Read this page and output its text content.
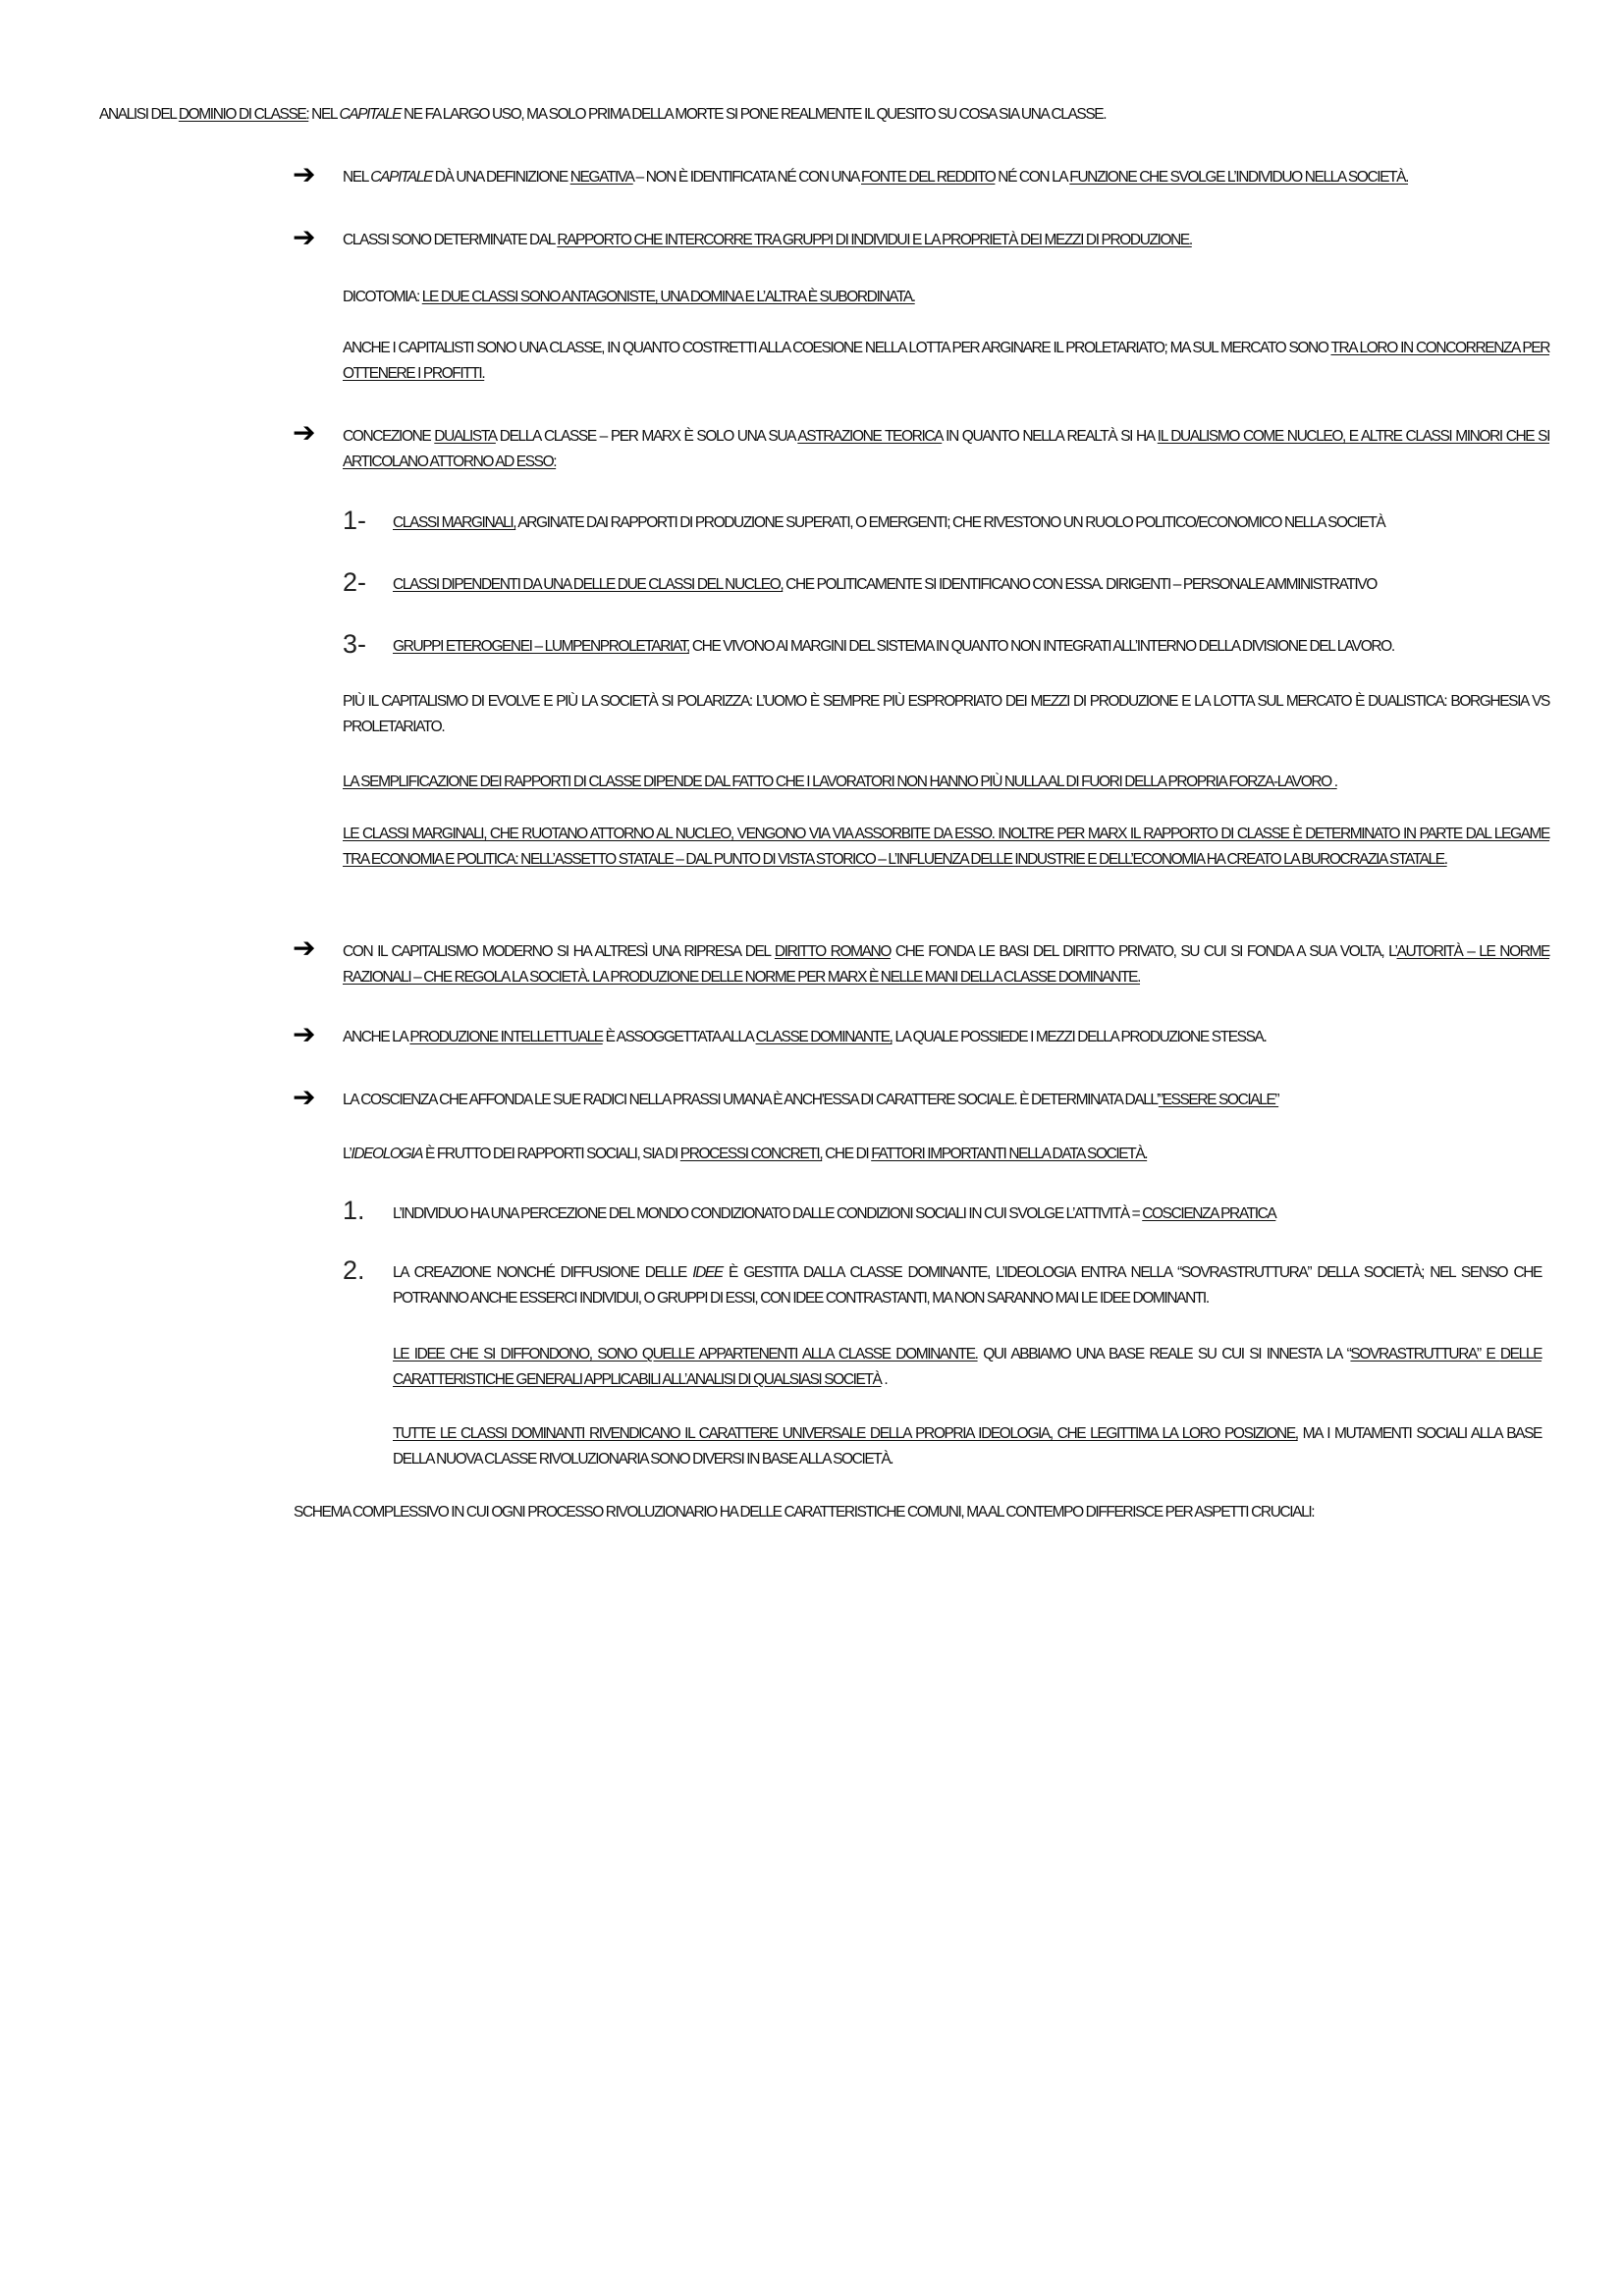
ANALISI DEL DOMINIO DI CLASSE: NEL CAPITALE NE FA LARGO USO, MA SOLO PRIMA DELLA MORTE SI PONE REALMENTE IL QUESITO SU COSA SIA UNA CLASSE.
➔ NEL CAPITALE DÀ UNA DEFINIZIONE NEGATIVA – NON È IDENTIFICATA NÉ CON UNA FONTE DEL REDDITO NÉ CON LA FUNZIONE CHE SVOLGE L’INDIVIDUO NELLA SOCIETÀ.
➔ CLASSI SONO DETERMINATE DAL RAPPORTO CHE INTERCORRE TRA GRUPPI DI INDIVIDUI E LA PROPRIETÀ DEI MEZZI DI PRODUZIONE.
DICOTOMIA: LE DUE CLASSI SONO ANTAGONISTE, UNA DOMINA E L’ALTRA È SUBORDINATA.
ANCHE I CAPITALISTI SONO UNA CLASSE, IN QUANTO COSTRETTI ALLA COESIONE NELLA LOTTA PER ARGINARE IL PROLETARIATO; MA SUL MERCATO SONO TRA LORO IN CONCORRENZA PER OTTENERE I PROFITTI.
➔ CONCEZIONE DUALISTA DELLA CLASSE – PER MARX È SOLO UNA SUA ASTRAZIONE TEORICA IN QUANTO NELLA REALTÀ SI HA IL DUALISMO COME NUCLEO, E ALTRE CLASSI MINORI CHE SI ARTICOLANO ATTORNO AD ESSO:
1- CLASSI MARGINALI, ARGINATE DAI RAPPORTI DI PRODUZIONE SUPERATI, O EMERGENTI; CHE RIVESTONO UN RUOLO POLITICO/ECONOMICO NELLA SOCIETÀ
2- CLASSI DIPENDENTI DA UNA DELLE DUE CLASSI DEL NUCLEO, CHE POLITICAMENTE SI IDENTIFICANO CON ESSA. DIRIGENTI – PERSONALE AMMINISTRATIVO
3- GRUPPI ETEROGENEI – LUMPENPROLETARIAT, CHE VIVONO AI MARGINI DEL SISTEMA IN QUANTO NON INTEGRATI ALL’INTERNO DELLA DIVISIONE DEL LAVORO.
PIÙ IL CAPITALISMO DI EVOLVE E PIÙ LA SOCIETÀ SI POLARIZZA: L’UOMO È SEMPRE PIÙ ESPROPRIATO DEI MEZZI DI PRODUZIONE E LA LOTTA SUL MERCATO È DUALISTICA: BORGHESIA VS PROLETARIATO.
LA SEMPLIFICAZIONE DEI RAPPORTI DI CLASSE DIPENDE DAL FATTO CHE I LAVORATORI NON HANNO PIÙ NULLA AL DI FUORI DELLA PROPRIA FORZA-LAVORO .
LE CLASSI MARGINALI, CHE RUOTANO ATTORNO AL NUCLEO, VENGONO VIA VIA ASSORBITE DA ESSO. INOLTRE PER MARX IL RAPPORTO DI CLASSE È DETERMINATO IN PARTE DAL LEGAME TRA ECONOMIA E POLITICA: NELL’ASSETTO STATALE – DAL PUNTO DI VISTA STORICO – L’INFLUENZA DELLE INDUSTRIE E DELL’ECONOMIA HA CREATO LA BUROCRAZIA STATALE.
➔ CON IL CAPITALISMO MODERNO SI HA ALTRESÌ UNA RIPRESA DEL DIRITTO ROMANO CHE FONDA LE BASI DEL DIRITTO PRIVATO, SU CUI SI FONDA A SUA VOLTA, L’AUTORITÀ – LE NORME RAZIONALI – CHE REGOLA LA SOCIETÀ. LA PRODUZIONE DELLE NORME PER MARX È NELLE MANI DELLA CLASSE DOMINANTE.
➔ ANCHE LA PRODUZIONE INTELLETTUALE È ASSOGGETTATA ALLA CLASSE DOMINANTE, LA QUALE POSSIEDE I MEZZI DELLA PRODUZIONE STESSA.
➔ LA COSCIENZA CHE AFFONDA LE SUE RADICI NELLA PRASSI UMANA È ANCH’ESSA DI CARATTERE SOCIALE. È DETERMINATA DALL’”ESSERE SOCIALE”
L’IDEOLOGIA È FRUTTO DEI RAPPORTI SOCIALI, SIA DI PROCESSI CONCRETI, CHE DI FATTORI IMPORTANTI NELLA DATA SOCIETÀ.
1. L’INDIVIDUO HA UNA PERCEZIONE DEL MONDO CONDIZIONATO DALLE CONDIZIONI SOCIALI IN CUI SVOLGE L’ATTIVITÀ = COSCIENZA PRATICA
2. LA CREAZIONE NONCHÉ DIFFUSIONE DELLE IDEE È GESTITA DALLA CLASSE DOMINANTE, L’IDEOLOGIA ENTRA NELLA “SOVRASTRUTTURA” DELLA SOCIETÀ; NEL SENSO CHE POTRANNO ANCHE ESSERCI INDIVIDUI, O GRUPPI DI ESSI, CON IDEE CONTRASTANTI, MA NON SARANNO MAI LE IDEE DOMINANTI.
LE IDEE CHE SI DIFFONDONO, SONO QUELLE APPARTENENTI ALLA CLASSE DOMINANTE. QUI ABBIAMO UNA BASE REALE SU CUI SI INNESTA LA “SOVRASTRUTTURA” E DELLE CARATTERISTICHE GENERALI APPLICABILI ALL’ANALISI DI QUALSIASI SOCIETÀ .
TUTTE LE CLASSI DOMINANTI RIVENDICANO IL CARATTERE UNIVERSALE DELLA PROPRIA IDEOLOGIA, CHE LEGITTIMA LA LORO POSIZIONE, MA I MUTAMENTI SOCIALI ALLA BASE DELLA NUOVA CLASSE RIVOLUZIONARIA SONO DIVERSI IN BASE ALLA SOCIETÀ.
SCHEMA COMPLESSIVO IN CUI OGNI PROCESSO RIVOLUZIONARIO HA DELLE CARATTERISTICHE COMUNI, MA AL CONTEMPO DIFFERISCE PER ASPETTI CRUCIALI:
